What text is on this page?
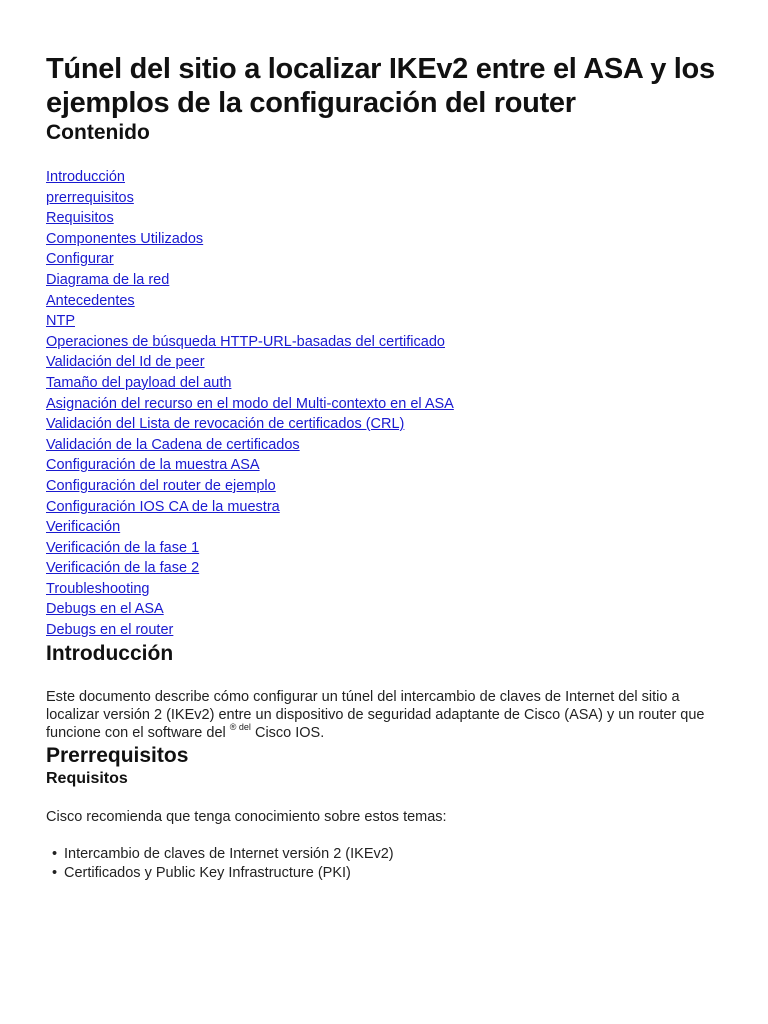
Túnel del sitio a localizar IKEv2 entre el ASA y los ejemplos de la configuración del router
Contenido
Introducción
prerrequisitos
Requisitos
Componentes Utilizados
Configurar
Diagrama de la red
Antecedentes
NTP
Operaciones de búsqueda HTTP-URL-basadas del certificado
Validación del Id de peer
Tamaño del payload del auth
Asignación del recurso en el modo del Multi-contexto en el ASA
Validación del Lista de revocación de certificados (CRL)
Validación de la Cadena de certificados
Configuración de la muestra ASA
Configuración del router de ejemplo
Configuración IOS CA de la muestra
Verificación
Verificación de la fase 1
Verificación de la fase 2
Troubleshooting
Debugs en el ASA
Debugs en el router
Introducción

Este documento describe cómo configurar un túnel del intercambio de claves de Internet del sitio a localizar versión 2 (IKEv2) entre un dispositivo de seguridad adaptante de Cisco (ASA) y un router que funcione con el software del $^{® del}$ Cisco IOS.

Prerrequisitos
Requisitos

Cisco recomienda que tenga conocimiento sobre estos temas:

• Intercambio de claves de Internet versión 2 (IKEv2)
• Certificados y Public Key Infrastructure (PKI)
